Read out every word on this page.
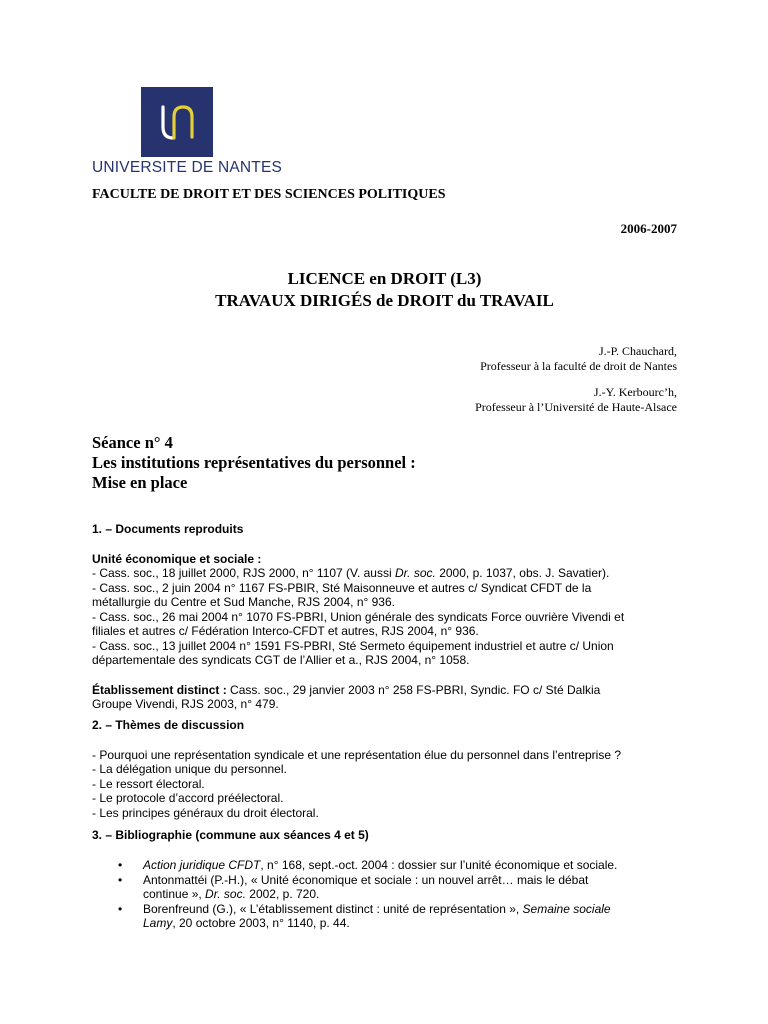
UNIVERSITE DE NANTES
FACULTE DE DROIT ET DES SCIENCES POLITIQUES
2006-2007
LICENCE en DROIT (L3)
TRAVAUX DIRIGÉS de DROIT du TRAVAIL
J.-P. Chauchard,
Professeur à la faculté de droit de Nantes
J.-Y. Kerbourc’h,
Professeur à l’Université de Haute-Alsace
Séance n° 4
Les institutions représentatives du personnel :
Mise en place

1. – Documents reproduits

Unité économique et sociale :

- Cass. soc., 18 juillet 2000, RJS 2000, n° 1107 (V. aussi Dr. soc. 2000, p. 1037, obs. J. Savatier).

- Cass. soc., 2 juin 2004 n° 1167 FS-PBIR, Sté Maisonneuve et autres c/ Syndicat CFDT de la

métallurgie du Centre et Sud Manche, RJS 2004, n° 936.

- Cass. soc., 26 mai 2004 n° 1070 FS-PBRI, Union générale des syndicats Force ouvrière Vivendi et

filiales et autres c/ Fédération Interco-CFDT et autres, RJS 2004, n° 936.

- Cass. soc., 13 juillet 2004 n° 1591 FS-PBRI, Sté Sermeto équipement industriel et autre c/ Union

départementale des syndicats CGT de l’Allier et a., RJS 2004, n° 1058.

Établissement distinct : Cass. soc., 29 janvier 2003 n° 258 FS-PBRI, Syndic. FO c/ Sté Dalkia

Groupe Vivendi, RJS 2003, n° 479.

2. – Thèmes de discussion

- Pourquoi une représentation syndicale et une représentation élue du personnel dans l’entreprise ?

- La délégation unique du personnel.

- Le ressort électoral.

- Le protocole d’accord préélectoral.

- Les principes généraux du droit électoral.

3. – Bibliographie (commune aux séances 4 et 5)

• Action juridique CFDT, n° 168, sept.-oct. 2004 : dossier sur l’unité économique et sociale.
• Antonmattéi (P.-H.), « Unité économique et sociale : un nouvel arrêt… mais le débat
continue », Dr. soc. 2002, p. 720.
• Borenfreund (G.), « L’établissement distinct : unité de représentation », Semaine sociale
Lamy, 20 octobre 2003, n° 1140, p. 44.
